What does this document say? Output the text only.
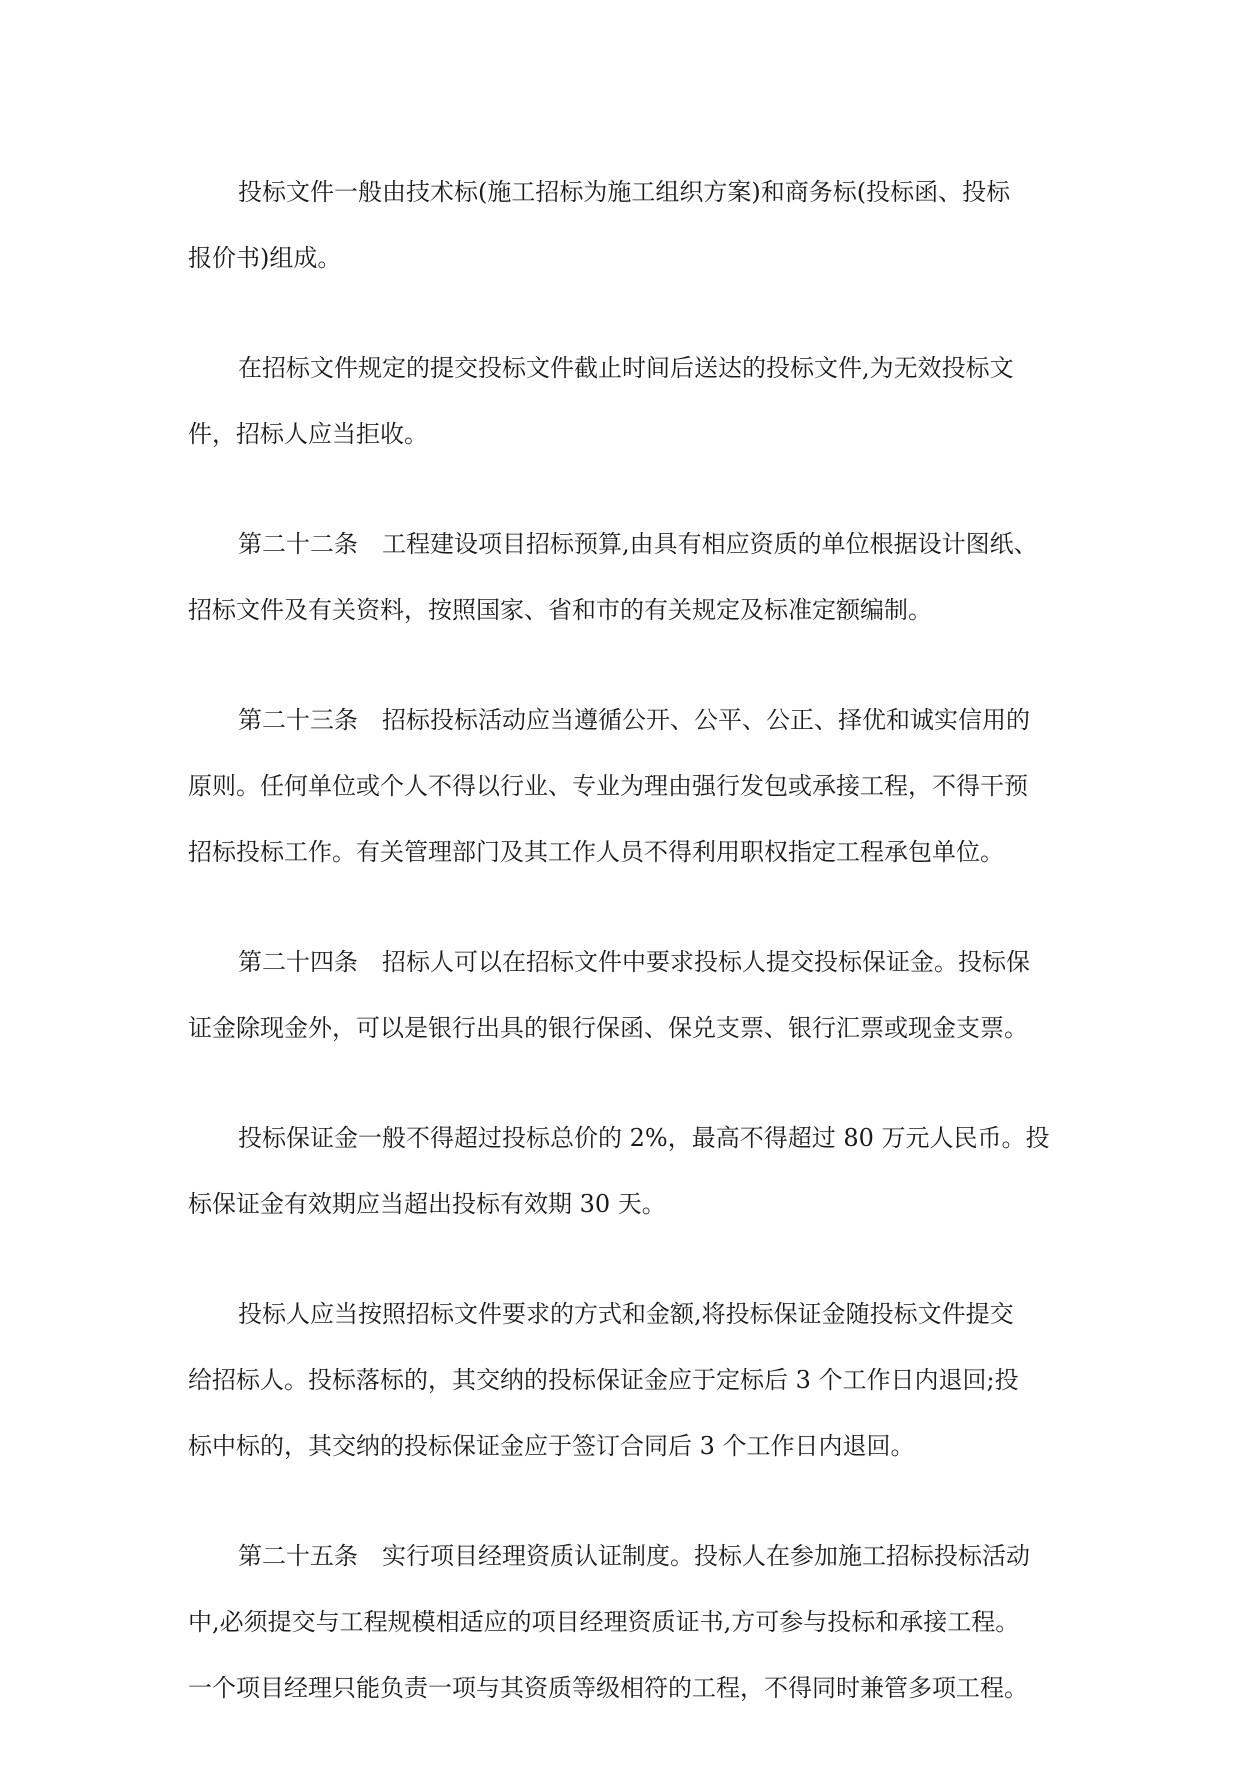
投标文件一般由技术标(施工招标为施工组织方案)和商务标(投标函、投标
报价书)组成。
在招标文件规定的提交投标文件截止时间后送达的投标文件,为无效投标文
件，招标人应当拒收。
第二十二条　工程建设项目招标预算,由具有相应资质的单位根据设计图纸、
招标文件及有关资料，按照国家、省和市的有关规定及标准定额编制。
第二十三条　招标投标活动应当遵循公开、公平、公正、择优和诚实信用的
原则。任何单位或个人不得以行业、专业为理由强行发包或承接工程，不得干预
招标投标工作。有关管理部门及其工作人员不得利用职权指定工程承包单位。
第二十四条　招标人可以在招标文件中要求投标人提交投标保证金。投标保
证金除现金外，可以是银行出具的银行保函、保兑支票、银行汇票或现金支票。
投标保证金一般不得超过投标总价的 2%，最高不得超过 80 万元人民币。投
标保证金有效期应当超出投标有效期 30 天。
投标人应当按照招标文件要求的方式和金额,将投标保证金随投标文件提交
给招标人。投标落标的，其交纳的投标保证金应于定标后 3 个工作日内退回;投
标中标的，其交纳的投标保证金应于签订合同后 3 个工作日内退回。
第二十五条　实行项目经理资质认证制度。投标人在参加施工招标投标活动
中,必须提交与工程规模相适应的项目经理资质证书,方可参与投标和承接工程。
一个项目经理只能负责一项与其资质等级相符的工程，不得同时兼管多项工程。
